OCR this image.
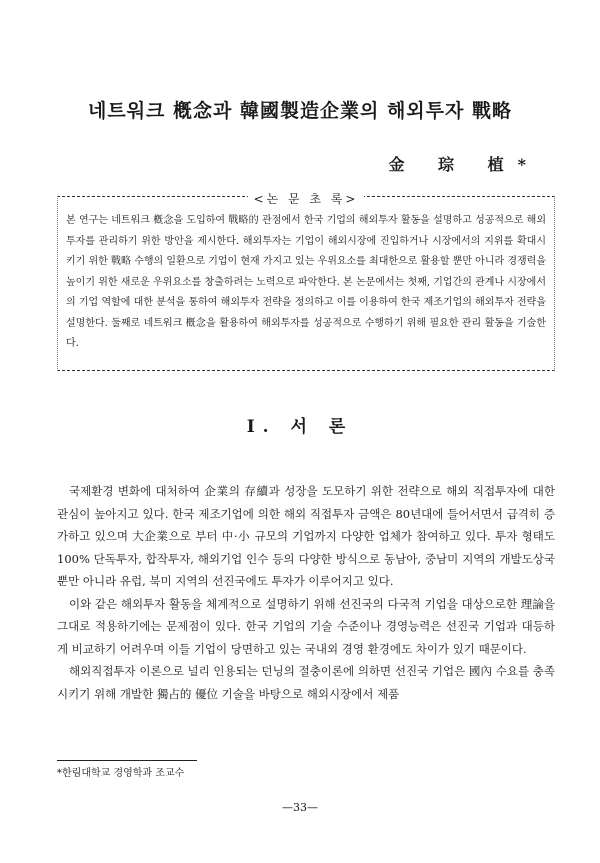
네트워크 槪念과 韓國製造企業의 해외투자 戰略
金 琮 植*
<논 문 초 록>
본 연구는 네트워크 槪念을 도입하여 戰略的 관점에서 한국 기업의 해외투자 활동을 설명하고 성공적으로 해외투자를 관리하기 위한 방안을 제시한다. 해외투자는 기업이 해외시장에 진입하거나 시장에서의 지위를 확대시키기 위한 戰略 수행의 일환으로 기업이 현재 가지고 있는 우위요소를 최대한으로 활용할 뿐만 아니라 경쟁력을 높이기 위한 새로운 우위요소를 창출하려는 노력으로 파악한다. 본 논문에서는 첫째, 기업간의 관계나 시장에서의 기업 역할에 대한 분석을 통하여 해외투자 전략을 정의하고 이를 이용하여 한국 제조기업의 해외투자 전략을 설명한다. 둘째로 네트워크 槪念을 활용하여 해외투자를 성공적으로 수행하기 위해 필요한 관리 활동을 기술한다.
I. 서 론

국제환경 변화에 대처하여 企業의 存續과 성장을 도모하기 위한 전략으로 해외 직접투자에 대한 관심이 높아지고 있다. 한국 제조기업에 의한 해외 직접투자 금액은 80년대에 들어서면서 급격히 증가하고 있으며 大企業으로 부터 中·小 규모의 기업까지 다양한 업체가 참여하고 있다. 투자 형태도 100% 단독투자, 합작투자, 해외기업 인수 등의 다양한 방식으로 동남아, 중남미 지역의 개발도상국 뿐만 아니라 유럽, 북미 지역의 선진국에도 투자가 이루어지고 있다.

이와 같은 해외투자 활동을 체계적으로 설명하기 위해 선진국의 다국적 기업을 대상으로한 理論을 그대로 적용하기에는 문제점이 있다. 한국 기업의 기술 수준이나 경영능력은 선진국 기업과 대등하게 비교하기 어려우며 이들 기업이 당면하고 있는 국내외 경영 환경에도 차이가 있기 때문이다.

해외직접투자 이론으로 널리 인용되는 던닝의 절충이론에 의하면 선진국 기업은 國內 수요를 충족시키기 위해 개발한 獨占的 優位 기술을 바탕으로 해외시장에서 제품

*한림대학교 경영학과 조교수
—33—
